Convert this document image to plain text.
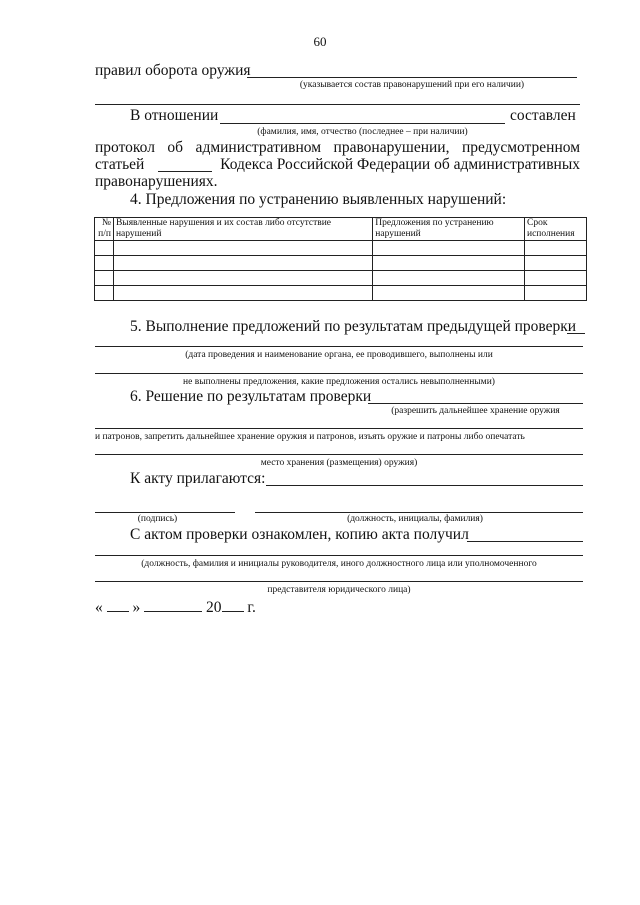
60
правил оборота оружия
(указывается состав правонарушений при его наличии)
В отношении	составлен
(фамилия, имя, отчество (последнее – при наличии)
протокол об административном правонарушении, предусмотренном
статьей	Кодекса Российской Федерации об административных
правонарушениях.
4. Предложения по устранению выявленных нарушений:
№ п/п	Выявленные нарушения и их состав либо отсутствие нарушений	Предложения по устранению нарушений	Срок исполнения

5. Выполнение предложений по результатам предыдущей проверки
(дата проведения и наименование органа, ее проводившего, выполнены или
не выполнены предложения, какие предложения остались невыполненными)
6. Решение по результатам проверки
(разрешить дальнейшее хранение оружия
и патронов, запретить дальнейшее хранение оружия и патронов, изъять оружие и патроны либо опечатать
место хранения (размещения) оружия)
К акту прилагаются:
(подпись)	(должность, инициалы, фамилия)
С актом проверки ознакомлен, копию акта получил
(должность, фамилия и инициалы руководителя, иного должностного лица или уполномоченного
представителя юридического лица)
« »	20 г.
